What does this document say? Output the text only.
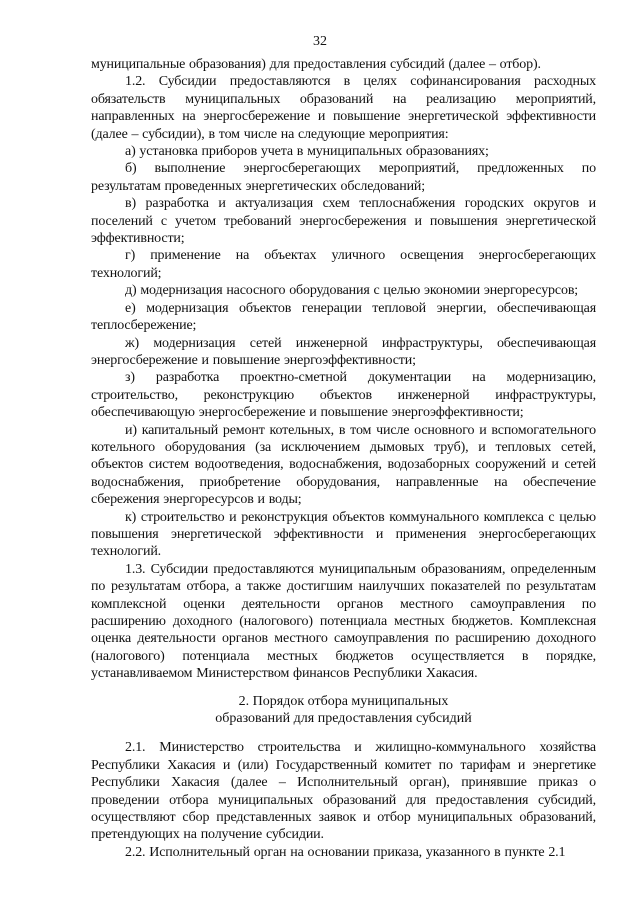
32

муниципальные образования) для предоставления субсидий (далее – отбор).

1.2. Субсидии предоставляются в целях софинансирования расходных обязательств муниципальных образований на реализацию мероприятий, направленных на энергосбережение и повышение энергетической эффективности (далее – субсидии), в том числе на следующие мероприятия:

а) установка приборов учета в муниципальных образованиях;

б) выполнение энергосберегающих мероприятий, предложенных по результатам проведенных энергетических обследований;

в) разработка и актуализация схем теплоснабжения городских округов и поселений с учетом требований энергосбережения и повышения энергетической эффективности;

г) применение на объектах уличного освещения энергосберегающих технологий;

д) модернизация насосного оборудования с целью экономии энергоресурсов;

е) модернизация объектов генерации тепловой энергии, обеспечивающая теплосбережение;

ж) модернизация сетей инженерной инфраструктуры, обеспечивающая энергосбережение и повышение энергоэффективности;

з) разработка проектно-сметной документации на модернизацию, строительство, реконструкцию объектов инженерной инфраструктуры, обеспечивающую энергосбережение и повышение энергоэффективности;

и) капитальный ремонт котельных, в том числе основного и вспомогательного котельного оборудования (за исключением дымовых труб), и тепловых сетей, объектов систем водоотведения, водоснабжения, водозаборных сооружений и сетей водоснабжения, приобретение оборудования, направленные на обеспечение сбережения энергоресурсов и воды;

к) строительство и реконструкция объектов коммунального комплекса с целью повышения энергетической эффективности и применения энергосберегающих технологий.

1.3. Субсидии предоставляются муниципальным образованиям, определенным по результатам отбора, а также достигшим наилучших показателей по результатам комплексной оценки деятельности органов местного самоуправления по расширению доходного (налогового) потенциала местных бюджетов. Комплексная оценка деятельности органов местного самоуправления по расширению доходного (налогового) потенциала местных бюджетов осуществляется в порядке, устанавливаемом Министерством финансов Республики Хакасия.

2. Порядок отбора муниципальных
образований для предоставления субсидий

2.1. Министерство строительства и жилищно-коммунального хозяйства Республики Хакасия и (или) Государственный комитет по тарифам и энергетике Республики Хакасия (далее – Исполнительный орган), принявшие приказ о проведении отбора муниципальных образований для предоставления субсидий, осуществляют сбор представленных заявок и отбор муниципальных образований, претендующих на получение субсидии.

2.2. Исполнительный орган на основании приказа, указанного в пункте 2.1
